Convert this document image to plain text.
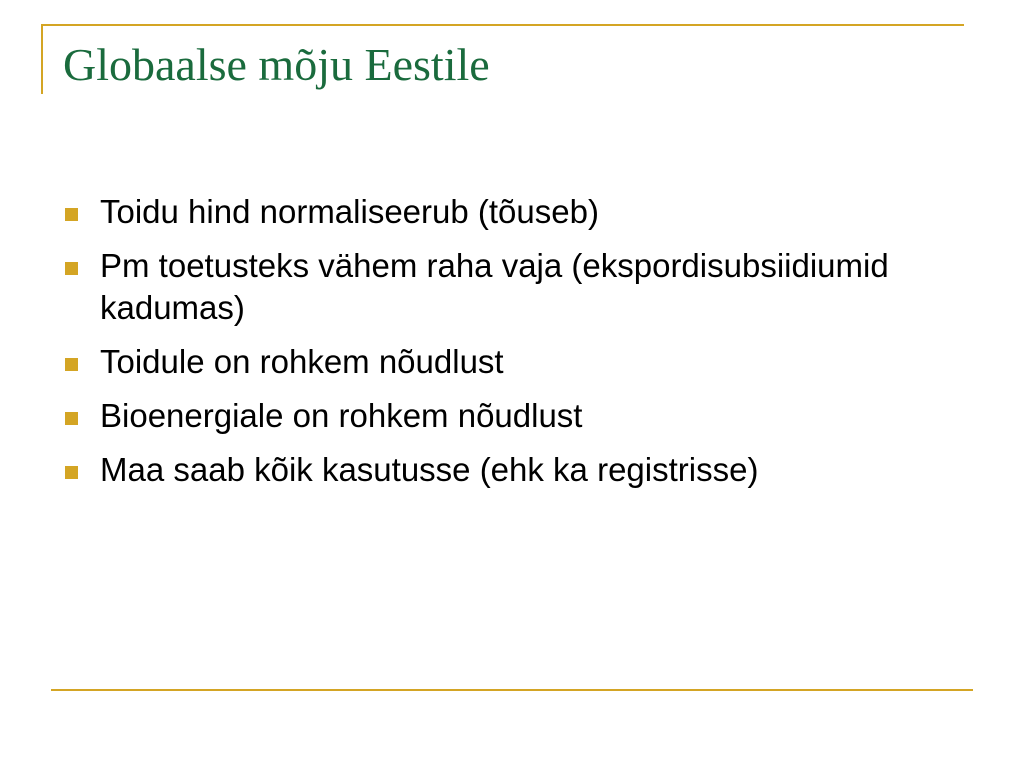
Globaalse mõju Eestile
Toidu hind normaliseerub (tõuseb)
Pm toetusteks vähem raha vaja (ekspordisubsiidiumid kadumas)
Toidule on rohkem nõudlust
Bioenergiale on rohkem nõudlust
Maa saab kõik kasutusse (ehk ka registrisse)
